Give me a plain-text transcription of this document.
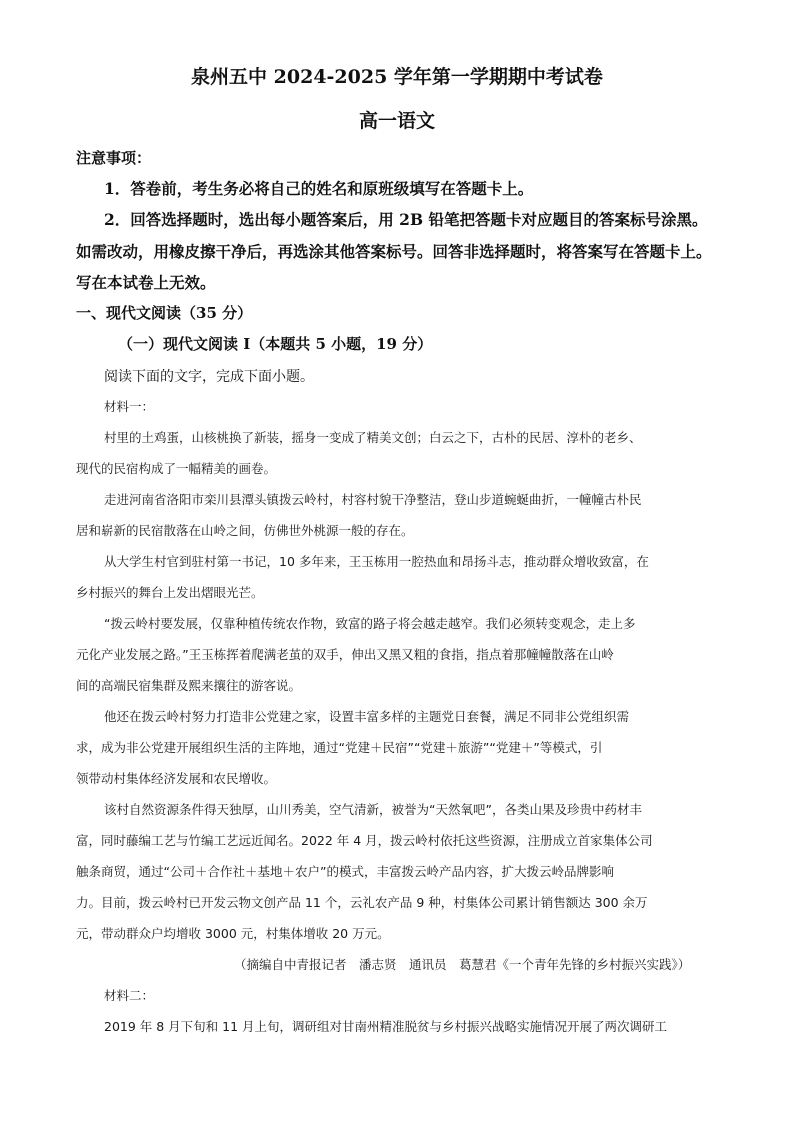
泉州五中 2024-2025 学年第一学期期中考试卷
高一语文
注意事项：
1．答卷前，考生务必将自己的姓名和原班级填写在答题卡上。
2．回答选择题时，选出每小题答案后，用 2B 铅笔把答题卡对应题目的答案标号涂黑。
如需改动，用橡皮擦干净后，再选涂其他答案标号。回答非选择题时，将答案写在答题卡上。
写在本试卷上无效。
一、现代文阅读（35 分）
（一）现代文阅读 I（本题共 5 小题，19 分）
阅读下面的文字，完成下面小题。
材料一：
村里的土鸡蛋，山核桃换了新装，摇身一变成了精美文创；白云之下，古朴的民居、淳朴的老乡、
现代的民宿构成了一幅精美的画卷。
走进河南省洛阳市栾川县潭头镇拨云岭村，村容村貌干净整洁，登山步道蜿蜒曲折，一幢幢古朴民
居和崭新的民宿散落在山岭之间，仿佛世外桃源一般的存在。
从大学生村官到驻村第一书记，10 多年来，王玉栋用一腔热血和昂扬斗志，推动群众增收致富，在
乡村振兴的舞台上发出熠眼光芒。
“拨云岭村要发展，仅靠种植传统农作物，致富的路子将会越走越窄。我们必须转变观念，走上多
元化产业发展之路。”王玉栋挥着爬满老茧的双手，伸出又黑又粗的食指，指点着那幢幢散落在山岭
间的高端民宿集群及熙来攘往的游客说。
他还在拨云岭村努力打造非公党建之家，设置丰富多样的主题党日套餐，满足不同非公党组织需
求，成为非公党建开展组织生活的主阵地，通过“党建＋民宿”“党建＋旅游”“党建＋”等模式，引
领带动村集体经济发展和农民增收。
该村自然资源条件得天独厚，山川秀美，空气清新，被誉为“天然氧吧”，各类山果及珍贵中药材丰
富，同时藤编工艺与竹编工艺远近闻名。2022 年 4 月，拨云岭村依托这些资源，注册成立首家集体公司
触条商贸，通过“公司＋合作社＋基地＋农户”的模式，丰富拨云岭产品内容，扩大拨云岭品牌影响
力。目前，拨云岭村已开发云物文创产品 11 个，云礼农产品 9 种，村集体公司累计销售额达 300 余万
元，带动群众户均增收 3000 元，村集体增收 20 万元。
（摘编自中青报记者　潘志贤　通讯员　葛慧君《一个青年先锋的乡村振兴实践》）
材料二：
2019 年 8 月下旬和 11 月上旬，调研组对甘南州精准脱贫与乡村振兴战略实施情况开展了两次调研工
